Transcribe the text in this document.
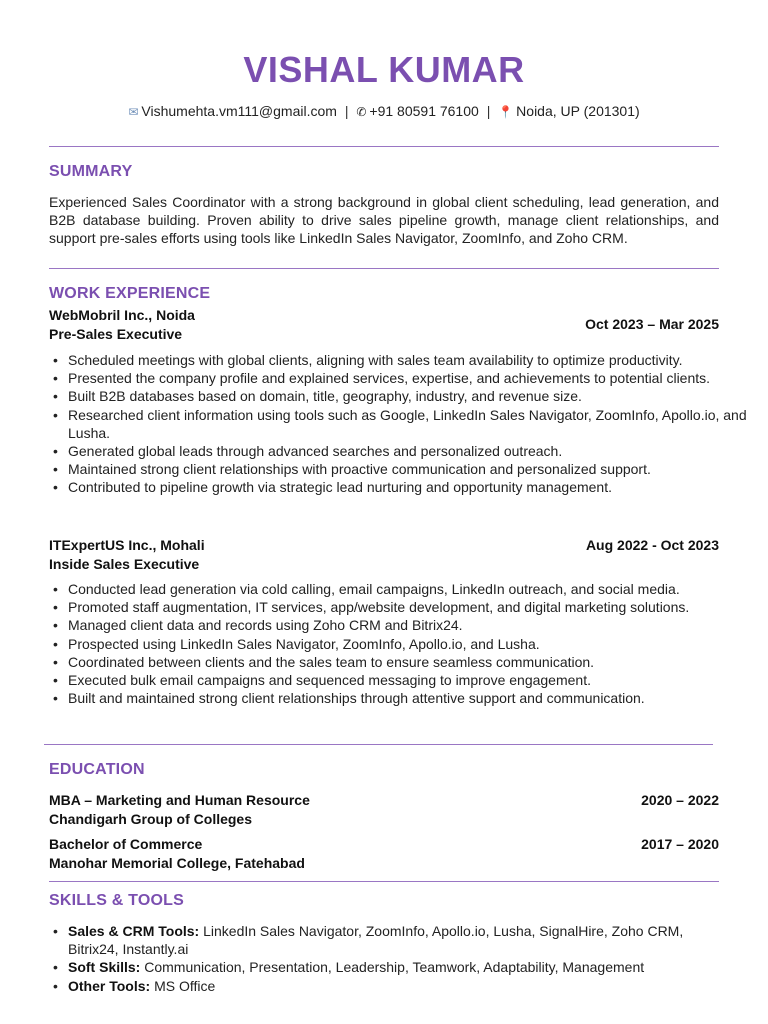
VISHAL KUMAR
✉ Vishumehta.vm111@gmail.com | ✆ +91 80591 76100 | 📍 Noida, UP (201301)
SUMMARY
Experienced Sales Coordinator with a strong background in global client scheduling, lead generation, and B2B database building. Proven ability to drive sales pipeline growth, manage client relationships, and support pre-sales efforts using tools like LinkedIn Sales Navigator, ZoomInfo, and Zoho CRM.
WORK EXPERIENCE
WebMobril Inc., Noida
Pre-Sales Executive
Oct 2023 – Mar 2025
• Scheduled meetings with global clients, aligning with sales team availability to optimize productivity.
• Presented the company profile and explained services, expertise, and achievements to potential clients.
• Built B2B databases based on domain, title, geography, industry, and revenue size.
• Researched client information using tools such as Google, LinkedIn Sales Navigator, ZoomInfo, Apollo.io, and Lusha.
• Generated global leads through advanced searches and personalized outreach.
• Maintained strong client relationships with proactive communication and personalized support.
• Contributed to pipeline growth via strategic lead nurturing and opportunity management.
ITExpertUS Inc., Mohali
Inside Sales Executive
Aug 2022 - Oct 2023
• Conducted lead generation via cold calling, email campaigns, LinkedIn outreach, and social media.
• Promoted staff augmentation, IT services, app/website development, and digital marketing solutions.
• Managed client data and records using Zoho CRM and Bitrix24.
• Prospected using LinkedIn Sales Navigator, ZoomInfo, Apollo.io, and Lusha.
• Coordinated between clients and the sales team to ensure seamless communication.
• Executed bulk email campaigns and sequenced messaging to improve engagement.
• Built and maintained strong client relationships through attentive support and communication.
EDUCATION
MBA – Marketing and Human Resource
Chandigarh Group of Colleges
2020 – 2022
Bachelor of Commerce
Manohar Memorial College, Fatehabad
2017 – 2020
SKILLS & TOOLS
• Sales & CRM Tools: LinkedIn Sales Navigator, ZoomInfo, Apollo.io, Lusha, SignalHire, Zoho CRM, Bitrix24, Instantly.ai
• Soft Skills: Communication, Presentation, Leadership, Teamwork, Adaptability, Management
• Other Tools: MS Office
